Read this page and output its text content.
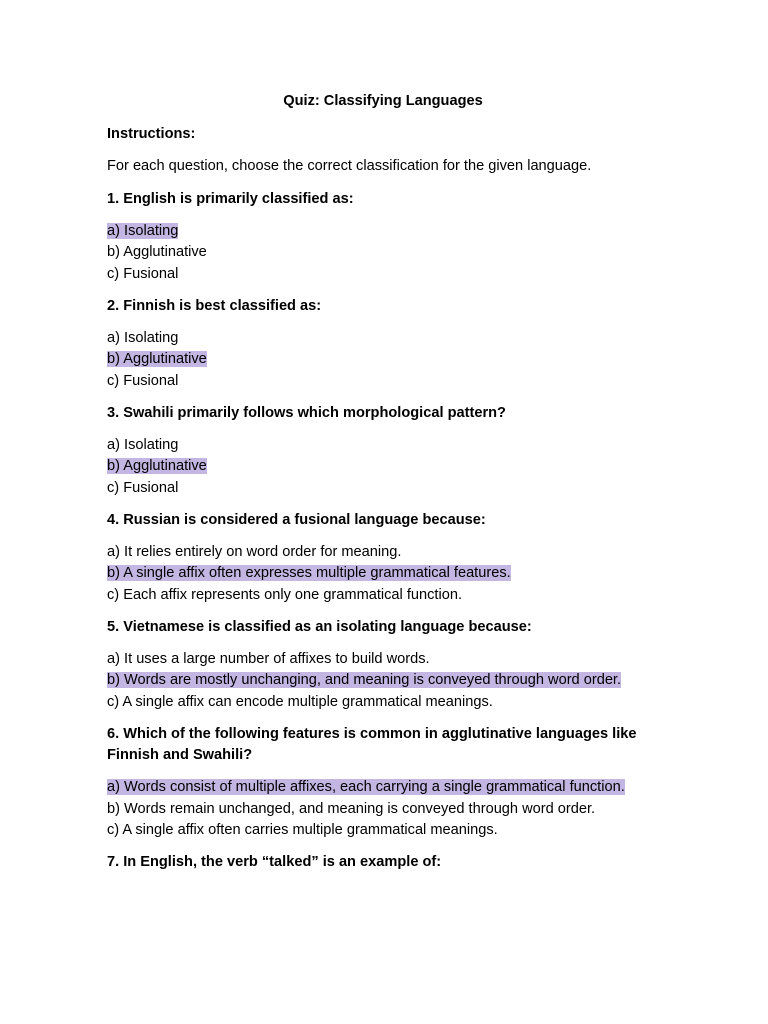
Quiz: Classifying Languages
Instructions:
For each question, choose the correct classification for the given language.
1. English is primarily classified as:
a) Isolating
b) Agglutinative
c) Fusional
2. Finnish is best classified as:
a) Isolating
b) Agglutinative
c) Fusional
3. Swahili primarily follows which morphological pattern?
a) Isolating
b) Agglutinative
c) Fusional
4. Russian is considered a fusional language because:
a) It relies entirely on word order for meaning.
b) A single affix often expresses multiple grammatical features.
c) Each affix represents only one grammatical function.
5. Vietnamese is classified as an isolating language because:
a) It uses a large number of affixes to build words.
b) Words are mostly unchanging, and meaning is conveyed through word order.
c) A single affix can encode multiple grammatical meanings.
6. Which of the following features is common in agglutinative languages like Finnish and Swahili?
a) Words consist of multiple affixes, each carrying a single grammatical function.
b) Words remain unchanged, and meaning is conveyed through word order.
c) A single affix often carries multiple grammatical meanings.
7. In English, the verb “talked” is an example of:
